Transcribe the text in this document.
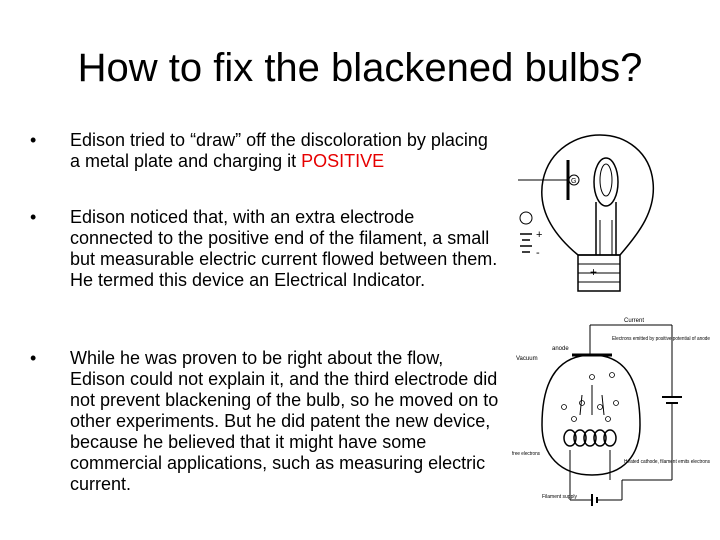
How to fix the blackened bulbs?
• Edison tried to “draw” off the discoloration by placing a metal plate and charging it POSITIVE
• Edison noticed that, with an extra electrode connected to the positive end of the filament, a small but measurable electric current flowed between them. He termed this device an Electrical Indicator.
• While he was proven to be right about the flow, Edison could not explain it, and the third electrode did not prevent blackening of the bulb, so he moved on to other experiments. But he did patent the new device, because he believed that it might have some commercial applications, such as measuring electric current.
G
+
-
+ -
Current
Electrons emitted by positive potential of anode
anode
Vacuum
free electrons
Heated cathode, filament emits electrons
Filament supply
